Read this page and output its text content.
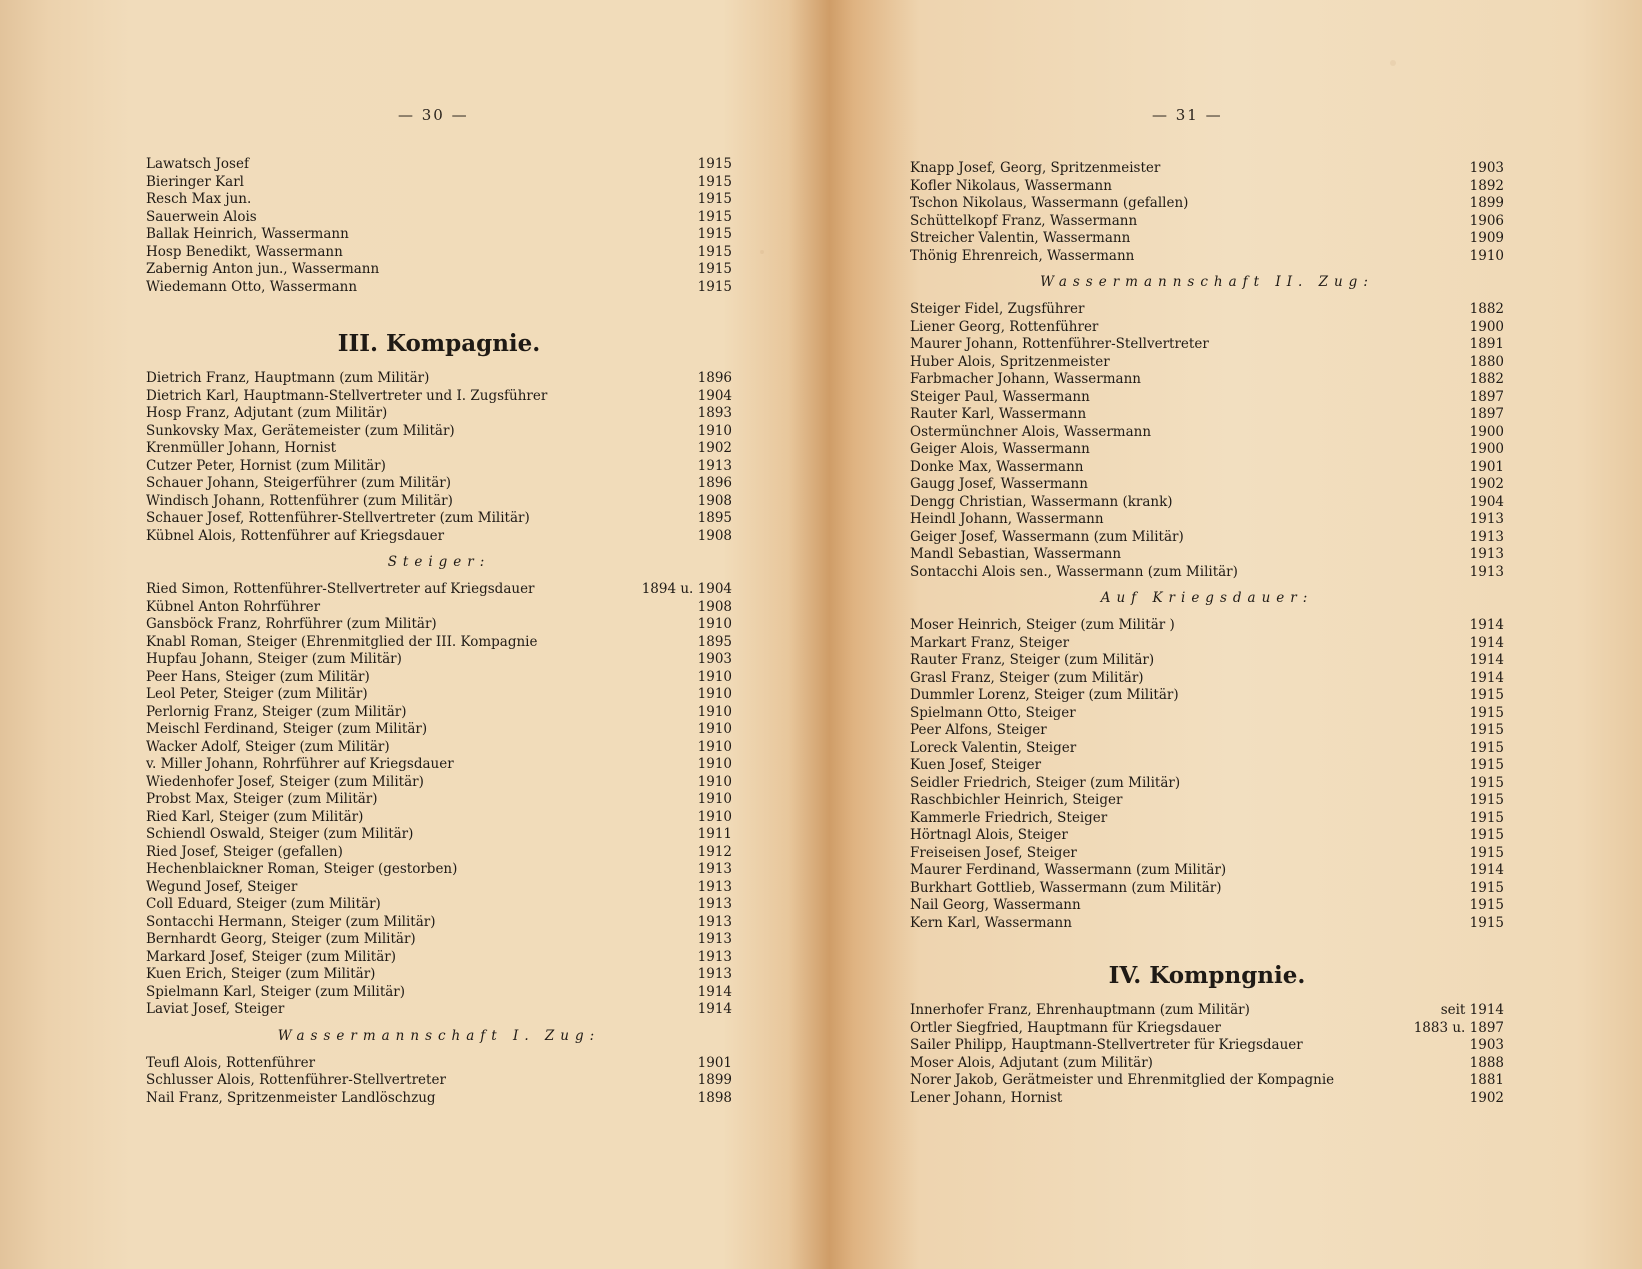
— 30 —
Lawatsch Josef	1915
Bieringer Karl	1915
Resch Max jun.	1915
Sauerwein Alois	1915
Ballak Heinrich, Wassermann	1915
Hosp Benedikt, Wassermann	1915
Zabernig Anton jun., Wassermann	1915
Wiedemann Otto, Wassermann	1915
III. Kompagnie.
Dietrich Franz, Hauptmann (zum Militär)	1896
Dietrich Karl, Hauptmann-Stellvertreter und I. Zugsführer	1904
Hosp Franz, Adjutant (zum Militär)	1893
Sunkovsky Max, Gerätemeister (zum Militär)	1910
Krenmüller Johann, Hornist	1902
Cutzer Peter, Hornist (zum Militär)	1913
Schauer Johann, Steigerführer (zum Militär)	1896
Windisch Johann, Rottenführer (zum Militär)	1908
Schauer Josef, Rottenführer-Stellvertreter (zum Militär)	1895
Kübnel Alois, Rottenführer auf Kriegsdauer	1908
Steiger:
Ried Simon, Rottenführer-Stellvertreter auf Kriegsdauer	1894 u. 1904
Kübnel Anton Rohrführer	1908
Gansböck Franz, Rohrführer (zum Militär)	1910
Knabl Roman, Steiger (Ehrenmitglied der III. Kompagnie	1895
Hupfau Johann, Steiger (zum Militär)	1903
Peer Hans, Steiger (zum Militär)	1910
Leol Peter, Steiger (zum Militär)	1910
Perlornig Franz, Steiger (zum Militär)	1910
Meischl Ferdinand, Steiger (zum Militär)	1910
Wacker Adolf, Steiger (zum Militär)	1910
v. Miller Johann, Rohrführer auf Kriegsdauer	1910
Wiedenhofer Josef, Steiger (zum Militär)	1910
Probst Max, Steiger (zum Militär)	1910
Ried Karl, Steiger (zum Militär)	1910
Schiendl Oswald, Steiger (zum Militär)	1911
Ried Josef, Steiger (gefallen)	1912
Hechenblaickner Roman, Steiger (gestorben)	1913
Wegund Josef, Steiger	1913
Coll Eduard, Steiger (zum Militär)	1913
Sontacchi Hermann, Steiger (zum Militär)	1913
Bernhardt Georg, Steiger (zum Militär)	1913
Markard Josef, Steiger (zum Militär)	1913
Kuen Erich, Steiger (zum Militär)	1913
Spielmann Karl, Steiger (zum Militär)	1914
Laviat Josef, Steiger	1914
Wassermannschaft I. Zug:
Teufl Alois, Rottenführer	1901
Schlusser Alois, Rottenführer-Stellvertreter	1899
Nail Franz, Spritzenmeister Landlöschzug	1898
— 31 —
Knapp Josef, Georg, Spritzenmeister	1903
Kofler Nikolaus, Wassermann	1892
Tschon Nikolaus, Wassermann (gefallen)	1899
Schüttelkopf Franz, Wassermann	1906
Streicher Valentin, Wassermann	1909
Thönig Ehrenreich, Wassermann	1910
Wassermannschaft II. Zug:
Steiger Fidel, Zugsführer	1882
Liener Georg, Rottenführer	1900
Maurer Johann, Rottenführer-Stellvertreter	1891
Huber Alois, Spritzenmeister	1880
Farbmacher Johann, Wassermann	1882
Steiger Paul, Wassermann	1897
Rauter Karl, Wassermann	1897
Ostermünchner Alois, Wassermann	1900
Geiger Alois, Wassermann	1900
Donke Max, Wassermann	1901
Gaugg Josef, Wassermann	1902
Dengg Christian, Wassermann (krank)	1904
Heindl Johann, Wassermann	1913
Geiger Josef, Wassermann (zum Militär)	1913
Mandl Sebastian, Wassermann	1913
Sontacchi Alois sen., Wassermann (zum Militär)	1913
Auf Kriegsdauer:
Moser Heinrich, Steiger (zum Militär )	1914
Markart Franz, Steiger	1914
Rauter Franz, Steiger (zum Militär)	1914
Grasl Franz, Steiger (zum Militär)	1914
Dummler Lorenz, Steiger (zum Militär)	1915
Spielmann Otto, Steiger	1915
Peer Alfons, Steiger	1915
Loreck Valentin, Steiger	1915
Kuen Josef, Steiger	1915
Seidler Friedrich, Steiger (zum Militär)	1915
Raschbichler Heinrich, Steiger	1915
Kammerle Friedrich, Steiger	1915
Hörtnagl Alois, Steiger	1915
Freiseisen Josef, Steiger	1915
Maurer Ferdinand, Wassermann (zum Militär)	1914
Burkhart Gottlieb, Wassermann (zum Militär)	1915
Nail Georg, Wassermann	1915
Kern Karl, Wassermann	1915
IV. Kompngnie.
Innerhofer Franz, Ehrenhauptmann (zum Militär)	seit 1914
Ortler Siegfried, Hauptmann für Kriegsdauer	1883 u. 1897
Sailer Philipp, Hauptmann-Stellvertreter für Kriegsdauer	1903
Moser Alois, Adjutant (zum Militär)	1888
Norer Jakob, Gerätmeister und Ehrenmitglied der Kompagnie	1881
Lener Johann, Hornist	1902
